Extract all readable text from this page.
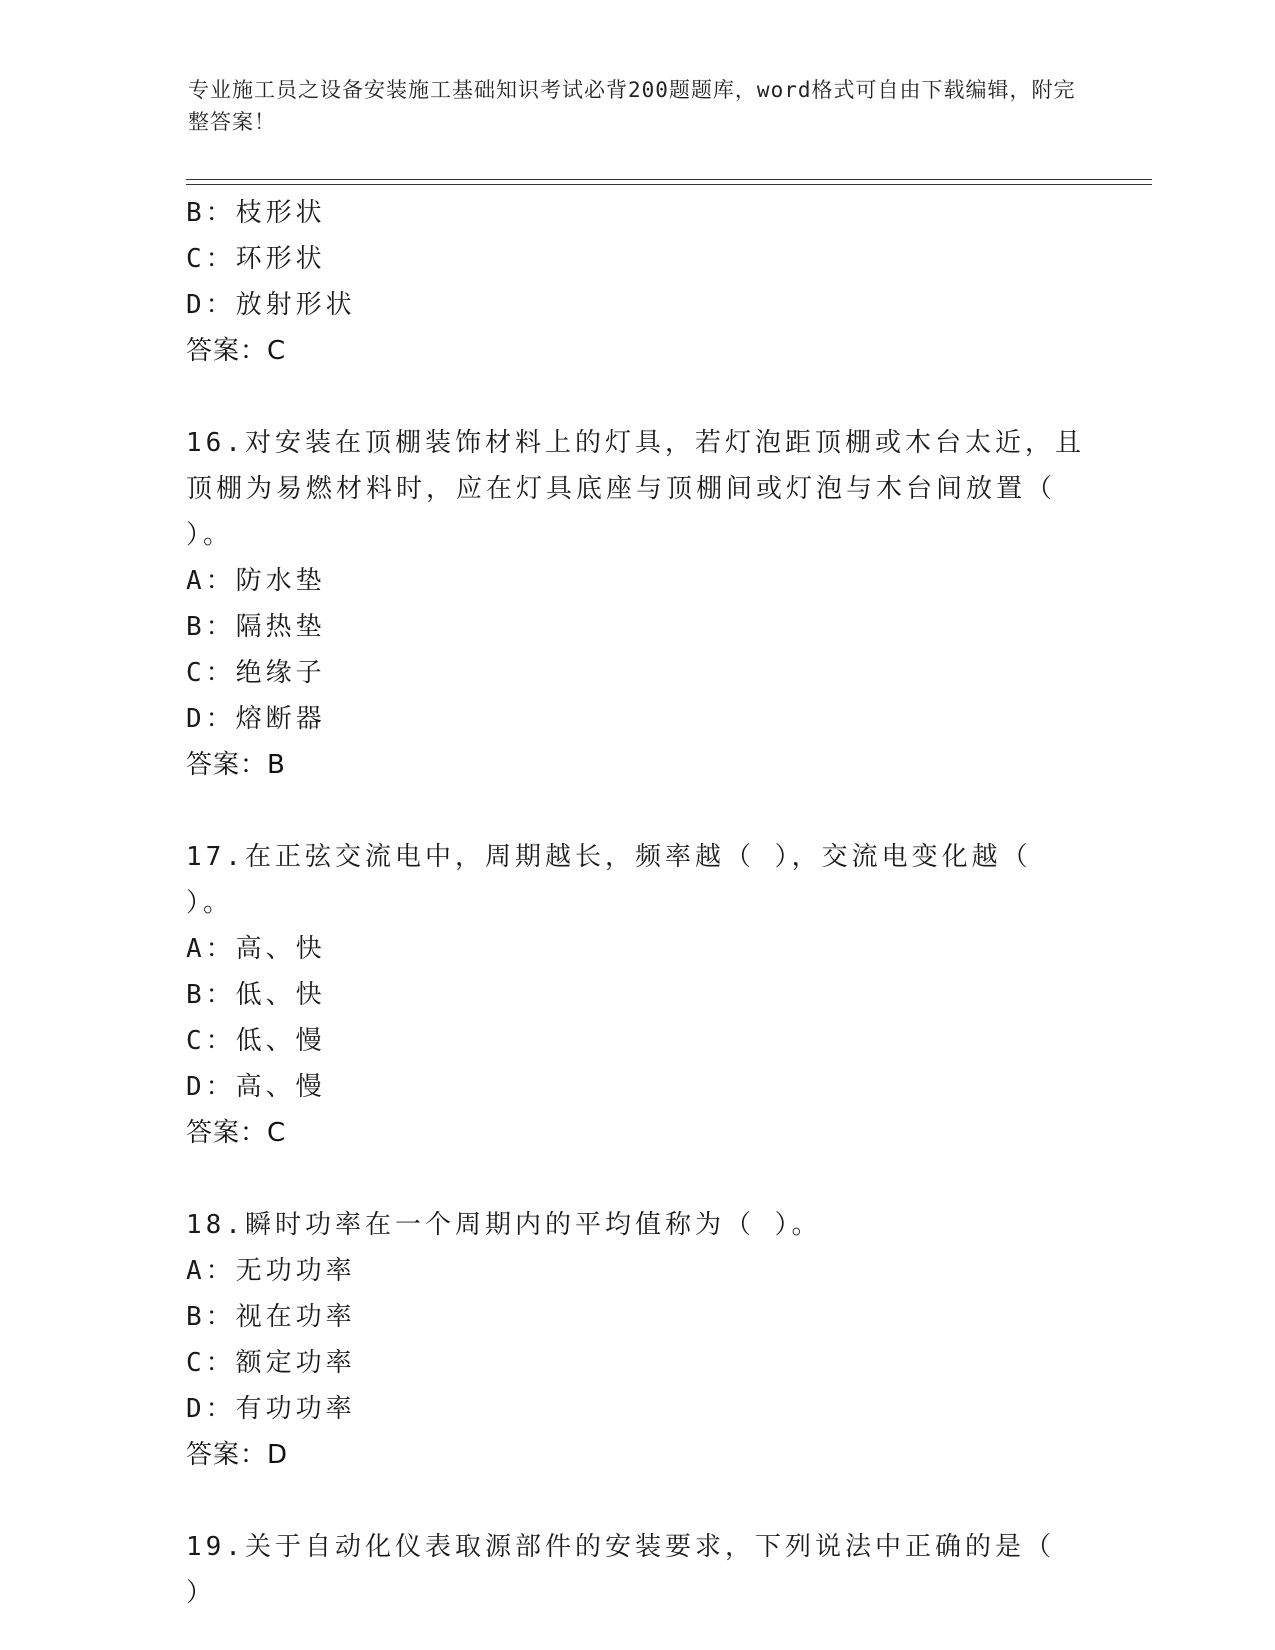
专业施工员之设备安装施工基础知识考试必背200题题库，word格式可自由下载编辑，附完整答案！
B：枝形状
C：环形状
D：放射形状
答案：C
16.对安装在顶棚装饰材料上的灯具，若灯泡距顶棚或木台太近，且顶棚为易燃材料时，应在灯具底座与顶棚间或灯泡与木台间放置（ ）。
A：防水垫
B：隔热垫
C：绝缘子
D：熔断器
答案：B
17.在正弦交流电中，周期越长，频率越（ ），交流电变化越（ ）。
A：高、快
B：低、快
C：低、慢
D：高、慢
答案：C
18.瞬时功率在一个周期内的平均值称为（ ）。
A：无功功率
B：视在功率
C：额定功率
D：有功功率
答案：D
19.关于自动化仪表取源部件的安装要求，下列说法中正确的是（ ）
